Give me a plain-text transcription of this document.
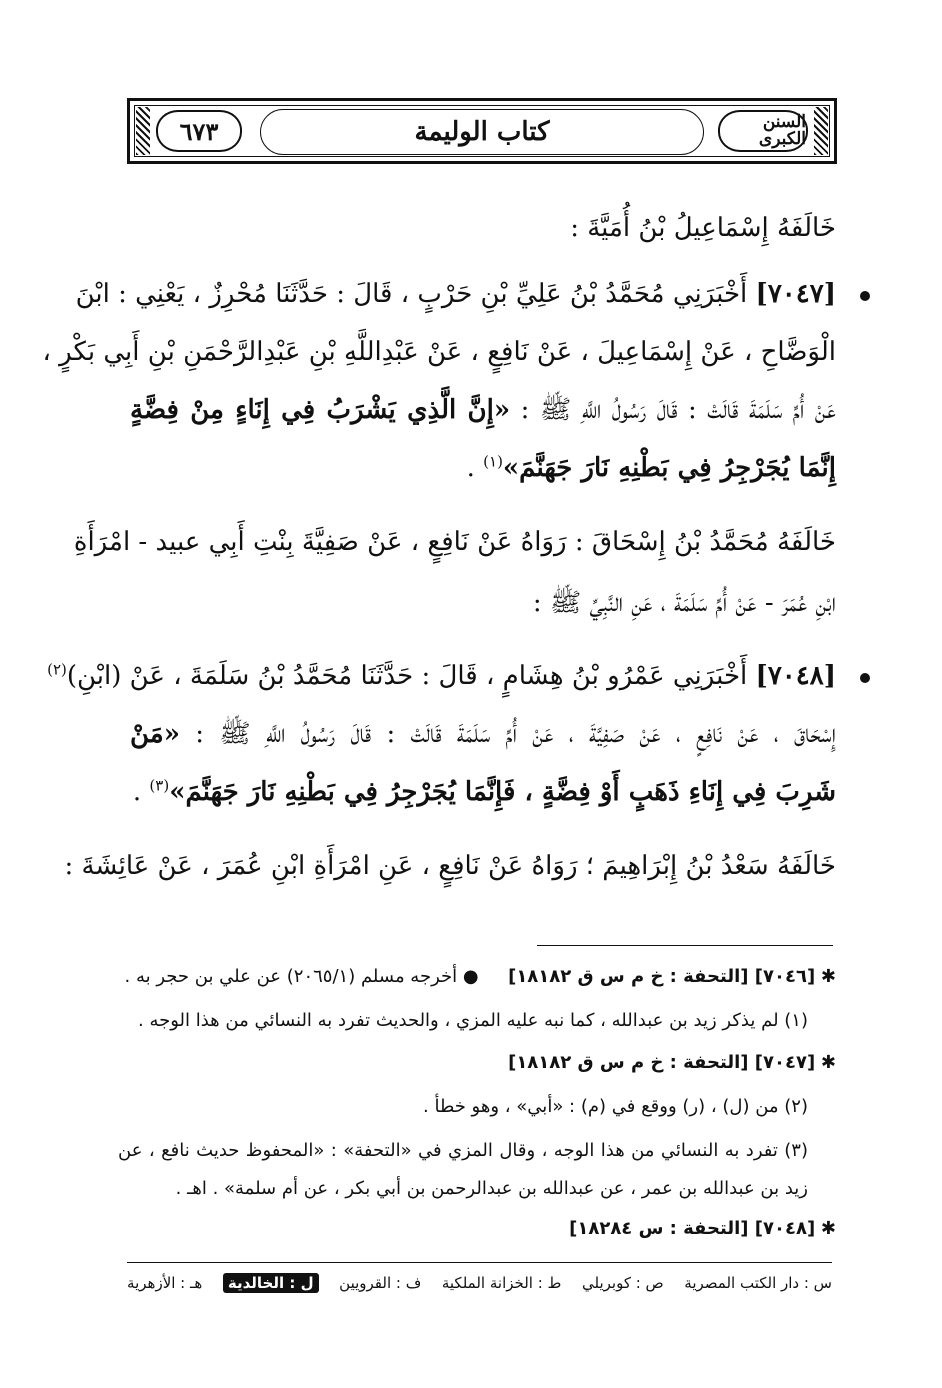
٦٧٣	كتاب الوليمة	السنن الكبرى
خَالَفَهُ إِسْمَاعِيلُ بْنُ أُمَيَّةَ :
[٧٠٤٧] أَخْبَرَنِي مُحَمَّدُ بْنُ عَلِيِّ بْنِ حَرْبٍ ، قَالَ : حَدَّثَنَا مُحْرِزٌ ، يَعْنِي : ابْنَ
الْوَضَّاحِ ، عَنْ إِسْمَاعِيلَ ، عَنْ نَافِعٍ ، عَنْ عَبْدِاللَّهِ بْنِ عَبْدِالرَّحْمَنِ بْنِ أَبِي بَكْرٍ ،
عَنْ أُمِّ سَلَمَةَ قَالَتْ : قَالَ رَسُولُ اللَّهِ ﷺ : «إِنَّ الَّذِي يَشْرَبُ فِي إِنَاءٍ مِنْ فِضَّةٍ
إِنَّمَا يُجَرْجِرُ فِي بَطْنِهِ نَارَ جَهَنَّمَ»$^{(١)}$ .
خَالَفَهُ مُحَمَّدُ بْنُ إِسْحَاقَ : رَوَاهُ عَنْ نَافِعٍ ، عَنْ صَفِيَّةَ بِنْتِ أَبِي عبيد - امْرَأَةِ
ابْنِ عُمَرَ - عَنْ أُمِّ سَلَمَةَ ، عَنِ النَّبِيِّ ﷺ :
[٧٠٤٨] أَخْبَرَنِي عَمْرُو بْنُ هِشَامٍ ، قَالَ : حَدَّثَنَا مُحَمَّدُ بْنُ سَلَمَةَ ، عَنْ (ابْنِ)$^{(٢)}$
إِسْحَاقَ ، عَنْ نَافِعٍ ، عَنْ صَفِيَّةَ ، عَنْ أُمِّ سَلَمَةَ قَالَتْ : قَالَ رَسُولُ اللَّهِ ﷺ : «مَنْ
شَرِبَ فِي إِنَاءِ ذَهَبٍ أَوْ فِضَّةٍ ، فَإِنَّمَا يُجَرْجِرُ فِي بَطْنِهِ نَارَ جَهَنَّمَ»$^{(٣)}$ .
خَالَفَهُ سَعْدُ بْنُ إِبْرَاهِيمَ ؛ رَوَاهُ عَنْ نَافِعٍ ، عَنِ امْرَأَةِ ابْنِ عُمَرَ ، عَنْ عَائِشَةَ :
✱ [٧٠٤٦] [التحفة : خ م س ق ١٨١٨٢]  ● أخرجه مسلم (٢٠٦٥/١) عن علي بن حجر به .
(١) لم يذكر زيد بن عبدالله ، كما نبه عليه المزي ، والحديث تفرد به النسائي من هذا الوجه .
✱ [٧٠٤٧] [التحفة : خ م س ق ١٨١٨٢]
(٢) من (ل) ، (ر) ووقع في (م) : «أبي» ، وهو خطأ .
(٣) تفرد به النسائي من هذا الوجه ، وقال المزي في «التحفة» : «المحفوظ حديث نافع ، عن
زيد بن عبدالله بن عمر ، عن عبدالله بن عبدالرحمن بن أبي بكر ، عن أم سلمة» . اهـ .
✱ [٧٠٤٨] [التحفة : س ١٨٢٨٤]
س : دار الكتب المصرية
ص : كوبريلي
ط : الخزانة الملكية
ف : القرويين
ل : الخالدية
هـ : الأزهرية
